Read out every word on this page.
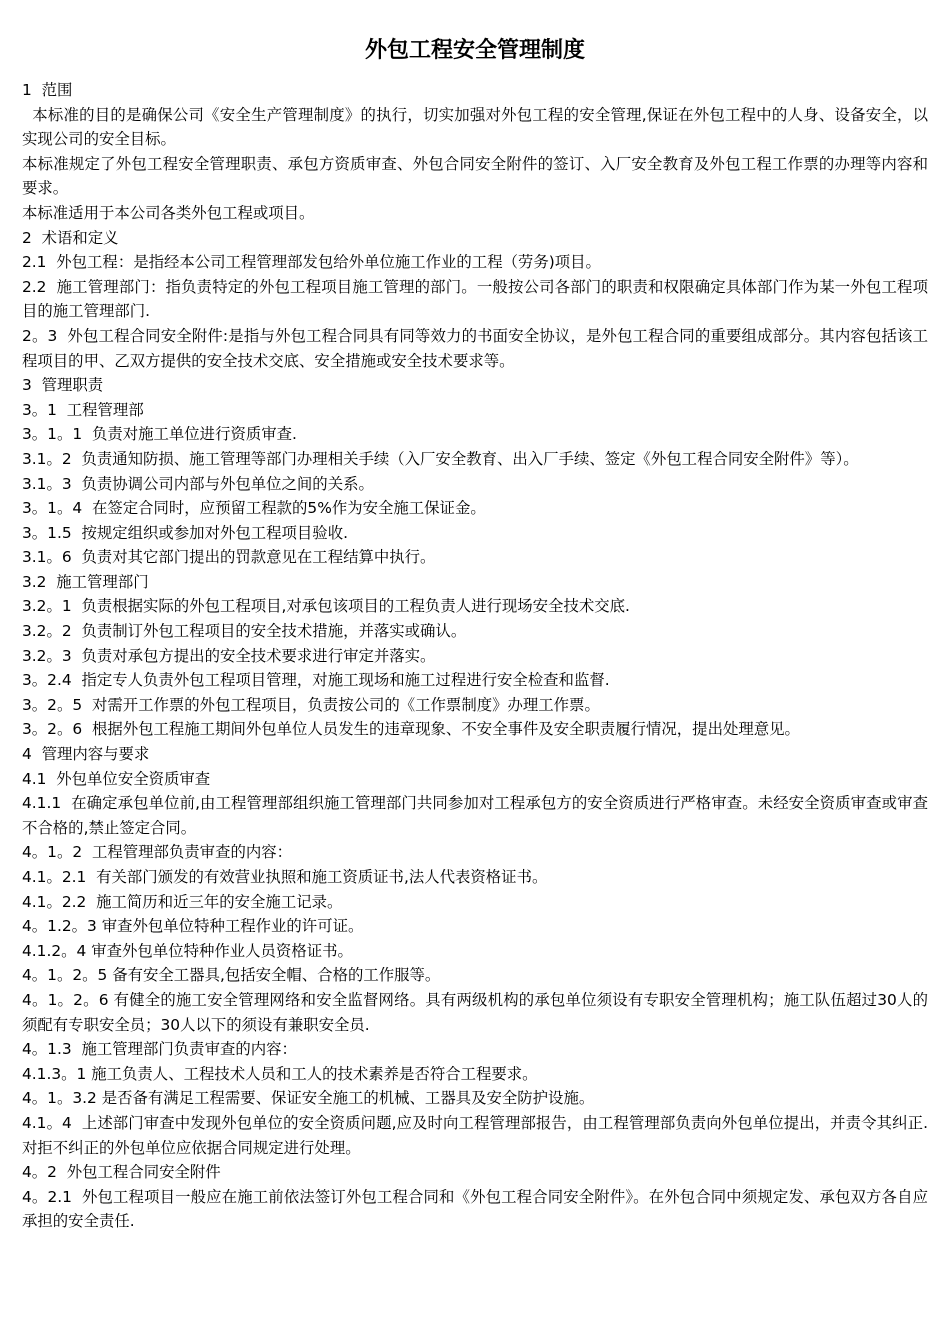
外包工程安全管理制度

1  范围

本标准的目的是确保公司《安全生产管理制度》的执行，切实加强对外包工程的安全管理,保证在外包工程中的人身、设备安全，以实现公司的安全目标。

本标准规定了外包工程安全管理职责、承包方资质审查、外包合同安全附件的签订、入厂安全教育及外包工程工作票的办理等内容和要求。

本标准适用于本公司各类外包工程或项目。

2  术语和定义

2.1  外包工程：是指经本公司工程管理部发包给外单位施工作业的工程（劳务)项目。

2.2  施工管理部门：指负责特定的外包工程项目施工管理的部门。一般按公司各部门的职责和权限确定具体部门作为某一外包工程项目的施工管理部门.

2。3  外包工程合同安全附件:是指与外包工程合同具有同等效力的书面安全协议，是外包工程合同的重要组成部分。其内容包括该工程项目的甲、乙双方提供的安全技术交底、安全措施或安全技术要求等。

3  管理职责

3。1  工程管理部

3。1。1  负责对施工单位进行资质审查.

3.1。2  负责通知防损、施工管理等部门办理相关手续（入厂安全教育、出入厂手续、签定《外包工程合同安全附件》等）。

3.1。3  负责协调公司内部与外包单位之间的关系。

3。1。4  在签定合同时，应预留工程款的5%作为安全施工保证金。

3。1.5  按规定组织或参加对外包工程项目验收.

3.1。6  负责对其它部门提出的罚款意见在工程结算中执行。

3.2  施工管理部门

3.2。1  负责根据实际的外包工程项目,对承包该项目的工程负责人进行现场安全技术交底.

3.2。2  负责制订外包工程项目的安全技术措施，并落实或确认。

3.2。3  负责对承包方提出的安全技术要求进行审定并落实。

3。2.4  指定专人负责外包工程项目管理，对施工现场和施工过程进行安全检查和监督.

3。2。5  对需开工作票的外包工程项目，负责按公司的《工作票制度》办理工作票。

3。2。6  根据外包工程施工期间外包单位人员发生的违章现象、不安全事件及安全职责履行情况，提出处理意见。

4  管理内容与要求

4.1  外包单位安全资质审查

4.1.1  在确定承包单位前,由工程管理部组织施工管理部门共同参加对工程承包方的安全资质进行严格审查。未经安全资质审查或审查不合格的,禁止签定合同。

4。1。2  工程管理部负责审查的内容：

4.1。2.1  有关部门颁发的有效营业执照和施工资质证书,法人代表资格证书。

4.1。2.2  施工简历和近三年的安全施工记录。

4。1.2。3 审查外包单位特种工程作业的许可证。

4.1.2。4 审查外包单位特种作业人员资格证书。

4。1。2。5 备有安全工器具,包括安全帽、合格的工作服等。

4。1。2。6 有健全的施工安全管理网络和安全监督网络。具有两级机构的承包单位须设有专职安全管理机构；施工队伍超过30人的须配有专职安全员；30人以下的须设有兼职安全员.

4。1.3  施工管理部门负责审查的内容：

4.1.3。1 施工负责人、工程技术人员和工人的技术素养是否符合工程要求。

4。1。3.2 是否备有满足工程需要、保证安全施工的机械、工器具及安全防护设施。

4.1。4  上述部门审查中发现外包单位的安全资质问题,应及时向工程管理部报告，由工程管理部负责向外包单位提出，并责令其纠正.对拒不纠正的外包单位应依据合同规定进行处理。

4。2  外包工程合同安全附件

4。2.1  外包工程项目一般应在施工前依法签订外包工程合同和《外包工程合同安全附件》。在外包合同中须规定发、承包双方各自应承担的安全责任.
